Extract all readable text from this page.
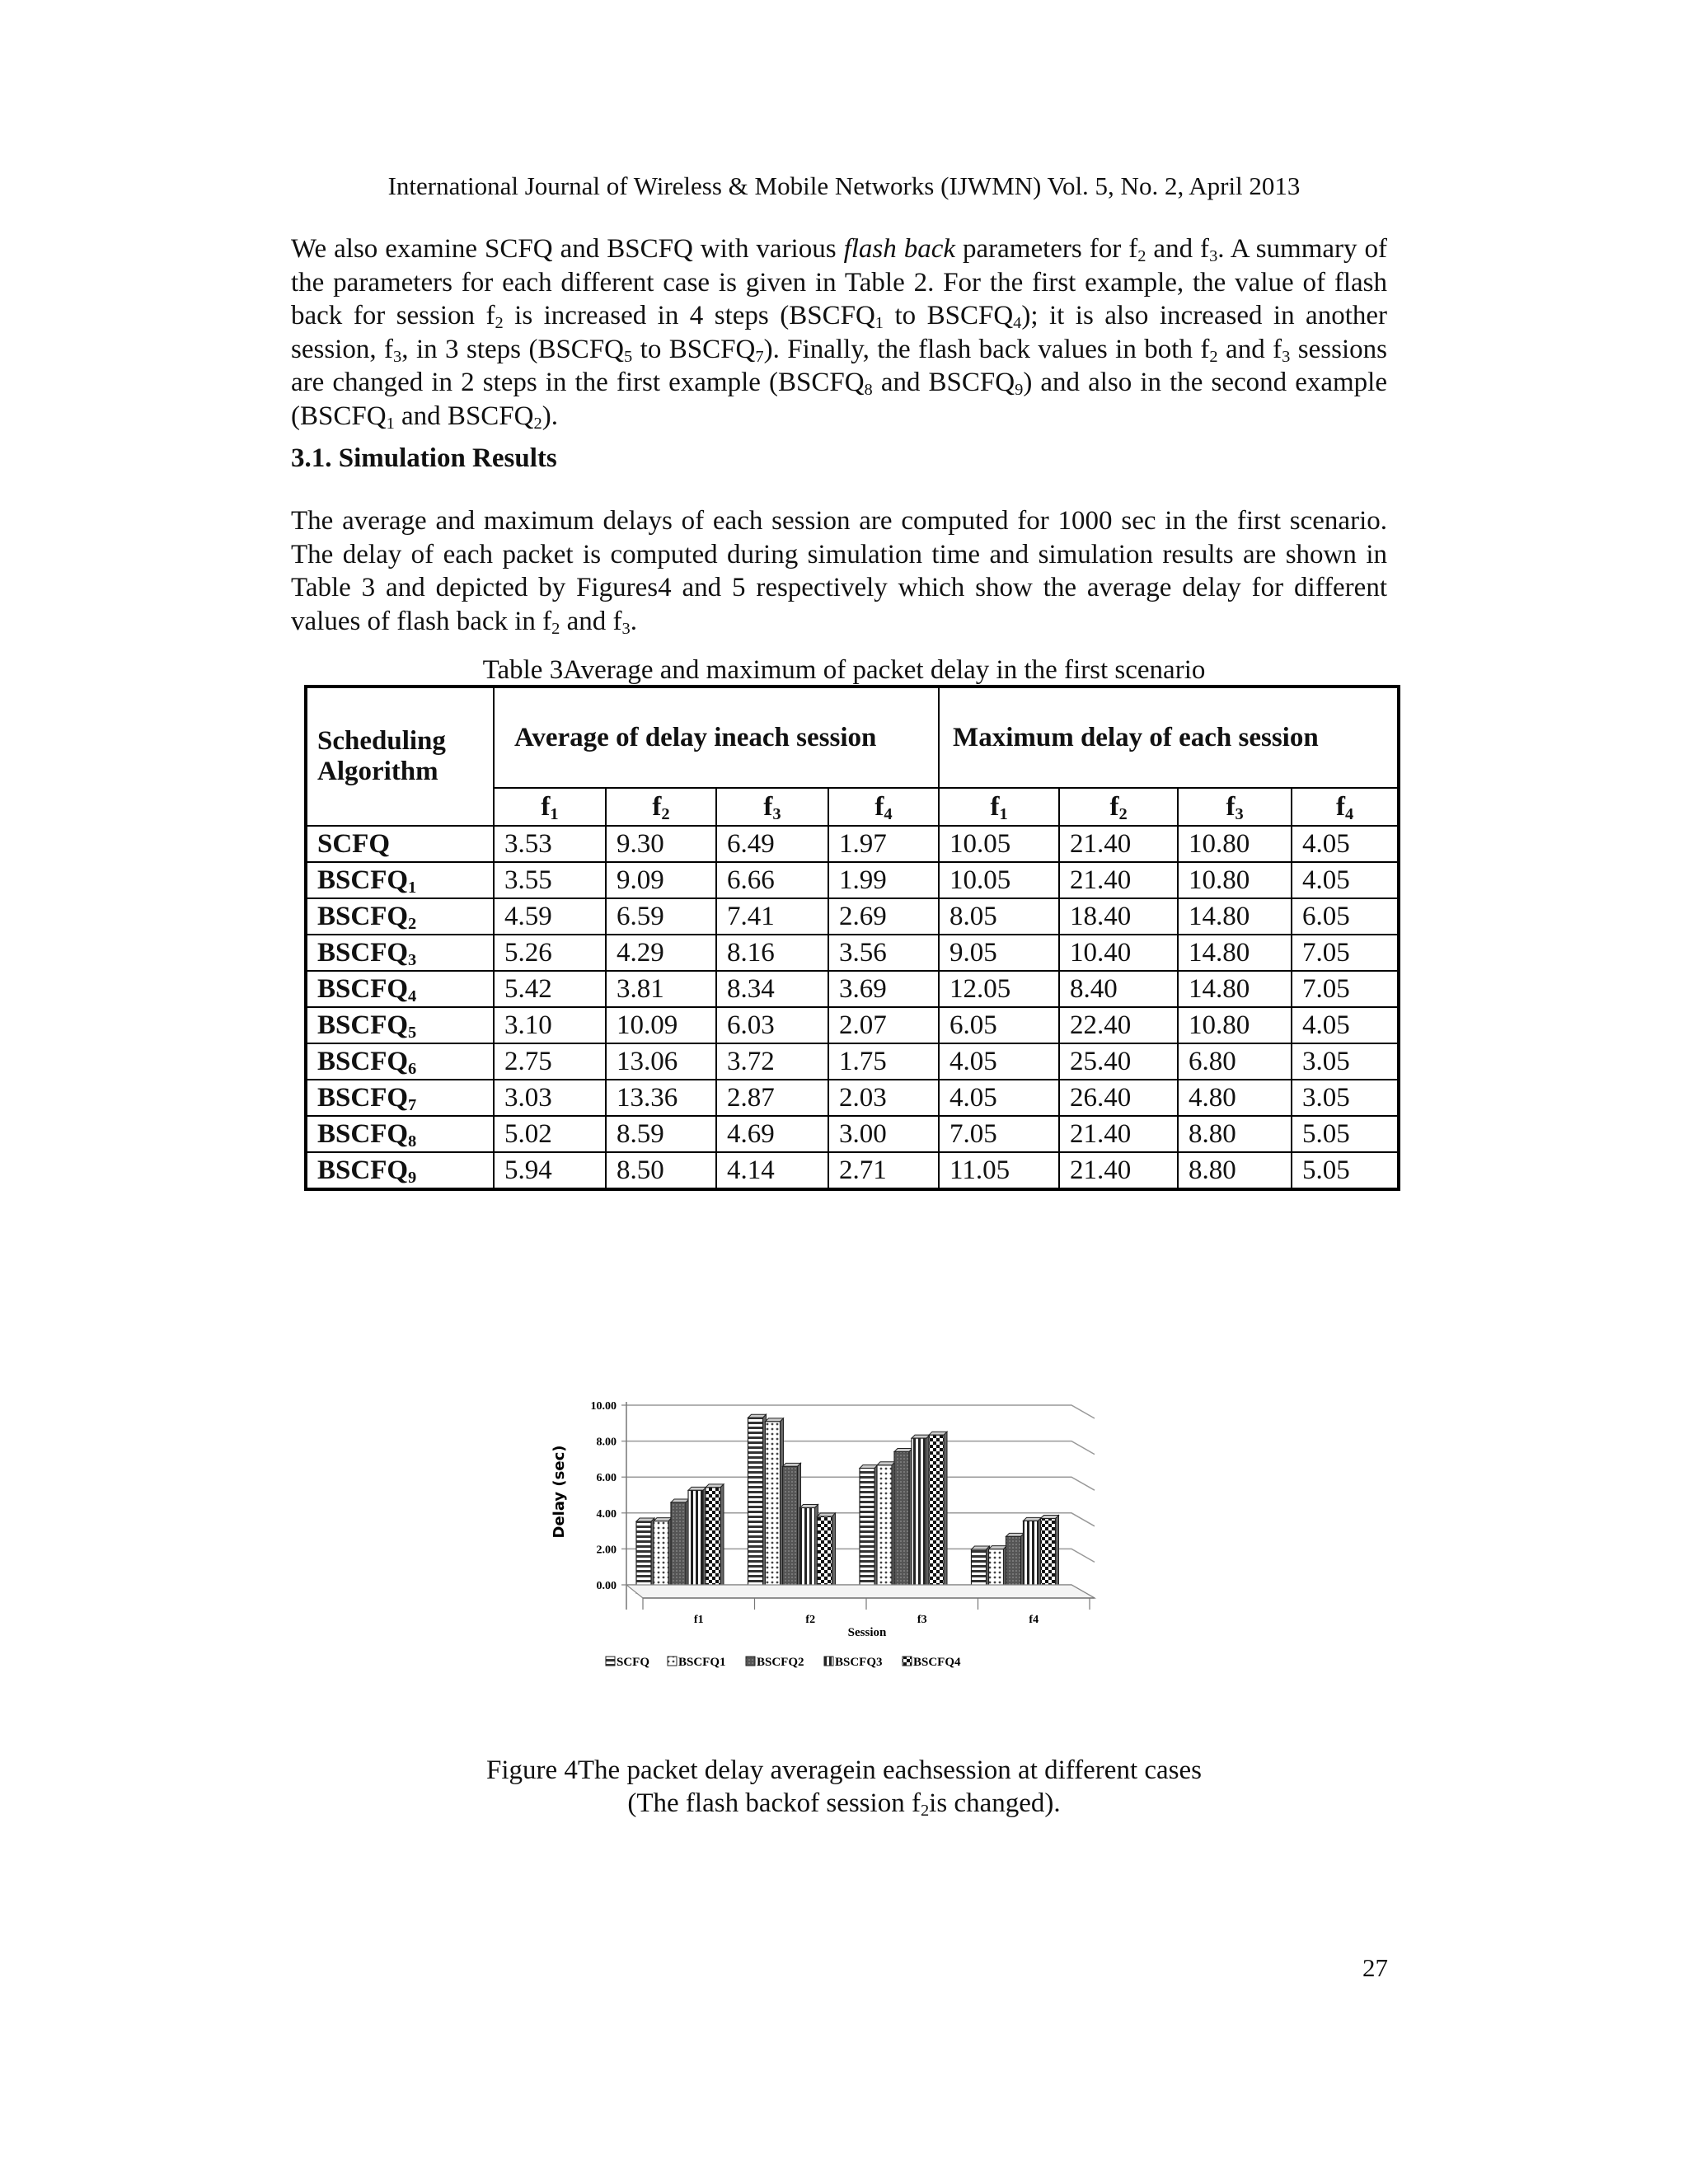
International Journal of Wireless & Mobile Networks (IJWMN) Vol. 5, No. 2, April 2013
We also examine SCFQ and BSCFQ with various flash back parameters for $f_2$ and $f_3$. A summary of the parameters for each different case is given in Table 2. For the first example, the value of flash back for session $f_2$ is increased in 4 steps ($BSCFQ_1$ to $BSCFQ_4$); it is also increased in another session, $f_3$, in 3 steps ($BSCFQ_5$ to $BSCFQ_7$). Finally, the flash back values in both $f_2$ and $f_3$ sessions are changed in 2 steps in the first example ($BSCFQ_8$ and $BSCFQ_9$) and also in the second example ($BSCFQ_1$ and $BSCFQ_2$).
3.1. Simulation Results
The average and maximum delays of each session are computed for 1000 sec in the first scenario. The delay of each packet is computed during simulation time and simulation results are shown in Table 3 and depicted by Figures4 and 5 respectively which show the average delay for different values of flash back in $f_2$ and $f_3$.
Table 3Average and maximum of packet delay in the first scenario
Scheduling Algorithm	Average of delay ineach session				Maximum delay of each session			
	$f_1$	$f_2$	$f_3$	$f_4$	$f_1$	$f_2$	$f_3$	$f_4$
SCFQ	3.53	9.30	6.49	1.97	10.05	21.40	10.80	4.05
$BSCFQ_1$	3.55	9.09	6.66	1.99	10.05	21.40	10.80	4.05
$BSCFQ_2$	4.59	6.59	7.41	2.69	8.05	18.40	14.80	6.05
$BSCFQ_3$	5.26	4.29	8.16	3.56	9.05	10.40	14.80	7.05
$BSCFQ_4$	5.42	3.81	8.34	3.69	12.05	8.40	14.80	7.05
$BSCFQ_5$	3.10	10.09	6.03	2.07	6.05	22.40	10.80	4.05
$BSCFQ_6$	2.75	13.06	3.72	1.75	4.05	25.40	6.80	3.05
$BSCFQ_7$	3.03	13.36	2.87	2.03	4.05	26.40	4.80	3.05
$BSCFQ_8$	5.02	8.59	4.69	3.00	7.05	21.40	8.80	5.05
$BSCFQ_9$	5.94	8.50	4.14	2.71	11.05	21.40	8.80	5.05
0.00
2.00
4.00
6.00
8.00
10.00
Delay (sec)
f1	f2	f3	f4
Session
SCFQ BSCFQ1 BSCFQ2 BSCFQ3 BSCFQ4
Figure 4The packet delay averagein eachsession at different cases
(The flash backof session $f_2is$ changed).
27
